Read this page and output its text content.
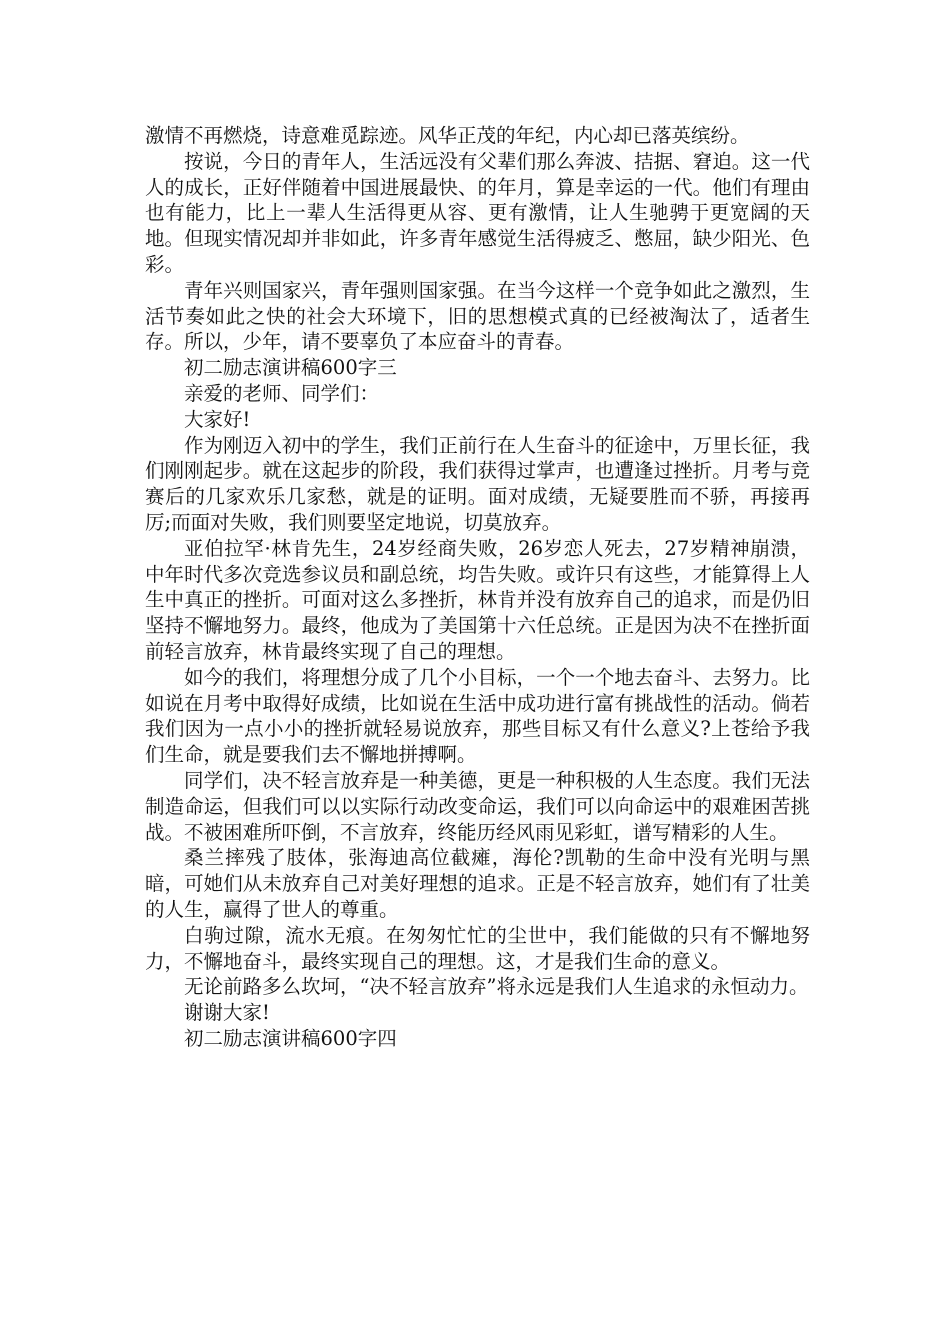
激情不再燃烧，诗意难觅踪迹。风华正茂的年纪，内心却已落英缤纷。

按说，今日的青年人，生活远没有父辈们那么奔波、拮据、窘迫。这一代人的成长，正好伴随着中国进展最快、的年月，算是幸运的一代。他们有理由也有能力，比上一辈人生活得更从容、更有激情，让人生驰骋于更宽阔的天地。但现实情况却并非如此，许多青年感觉生活得疲乏、憋屈，缺少阳光、色彩。

青年兴则国家兴，青年强则国家强。在当今这样一个竞争如此之激烈，生活节奏如此之快的社会大环境下，旧的思想模式真的已经被淘汰了，适者生存。所以，少年，请不要辜负了本应奋斗的青春。

初二励志演讲稿600字三

亲爱的老师、同学们：

大家好!

作为刚迈入初中的学生，我们正前行在人生奋斗的征途中，万里长征，我们刚刚起步。就在这起步的阶段，我们获得过掌声，也遭逢过挫折。月考与竞赛后的几家欢乐几家愁，就是的证明。面对成绩，无疑要胜而不骄，再接再厉;而面对失败，我们则要坚定地说，切莫放弃。

亚伯拉罕·林肯先生，24岁经商失败，26岁恋人死去，27岁精神崩溃，中年时代多次竞选参议员和副总统，均告失败。或许只有这些，才能算得上人生中真正的挫折。可面对这么多挫折，林肯并没有放弃自己的追求，而是仍旧坚持不懈地努力。最终，他成为了美国第十六任总统。正是因为决不在挫折面前轻言放弃，林肯最终实现了自己的理想。

如今的我们，将理想分成了几个小目标，一个一个地去奋斗、去努力。比如说在月考中取得好成绩，比如说在生活中成功进行富有挑战性的活动。倘若我们因为一点小小的挫折就轻易说放弃，那些目标又有什么意义?上苍给予我们生命，就是要我们去不懈地拼搏啊。

同学们，决不轻言放弃是一种美德，更是一种积极的人生态度。我们无法制造命运，但我们可以以实际行动改变命运，我们可以向命运中的艰难困苦挑战。不被困难所吓倒，不言放弃，终能历经风雨见彩虹，谱写精彩的人生。

桑兰摔残了肢体，张海迪高位截瘫，海伦?凯勒的生命中没有光明与黑暗，可她们从未放弃自己对美好理想的追求。正是不轻言放弃，她们有了壮美的人生，赢得了世人的尊重。

白驹过隙，流水无痕。在匆匆忙忙的尘世中，我们能做的只有不懈地努力，不懈地奋斗，最终实现自己的理想。这，才是我们生命的意义。

无论前路多么坎坷，“决不轻言放弃”将永远是我们人生追求的永恒动力。

谢谢大家!

初二励志演讲稿600字四
